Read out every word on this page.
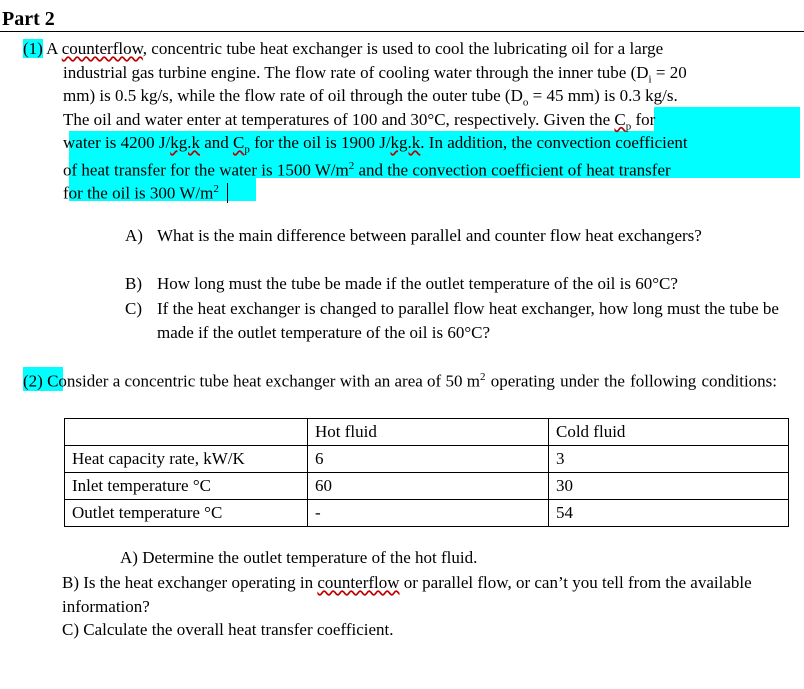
Part 2
(1) A counterflow, concentric tube heat exchanger is used to cool the lubricating oil for a large
industrial gas turbine engine. The flow rate of cooling water through the inner tube ($D_i = 20$
mm) is 0.5 kg/s, while the flow rate of oil through the outer tube ($D_o = 45$ mm) is 0.3 kg/s.
The oil and water enter at temperatures of 100 and 30°C, respectively. Given the $C_p$ for
water is 4200 J/kg.k and $C_p$ for the oil is 1900 J/kg.k. In addition, the convection coefficient
of heat transfer for the water is 1500 $W/m^2$ and the convection coefficient of heat transfer
for the oil is 300 $W/m^2$
A) What is the main difference between parallel and counter flow heat exchangers?
B) How long must the tube be made if the outlet temperature of the oil is 60°C?
C) If the heat exchanger is changed to parallel flow heat exchanger, how long must the tube be made if the outlet temperature of the oil is 60°C?
(2) Consider a concentric tube heat exchanger with an area of 50 $m^2$ operating under the following conditions:
	Hot fluid	Cold fluid
Heat capacity rate, kW/K	6	3
Inlet temperature °C	60	30
Outlet temperature °C	-	54
A) Determine the outlet temperature of the hot fluid.
B) Is the heat exchanger operating in counterflow or parallel flow, or can’t you tell from the available information?
C) Calculate the overall heat transfer coefficient.
